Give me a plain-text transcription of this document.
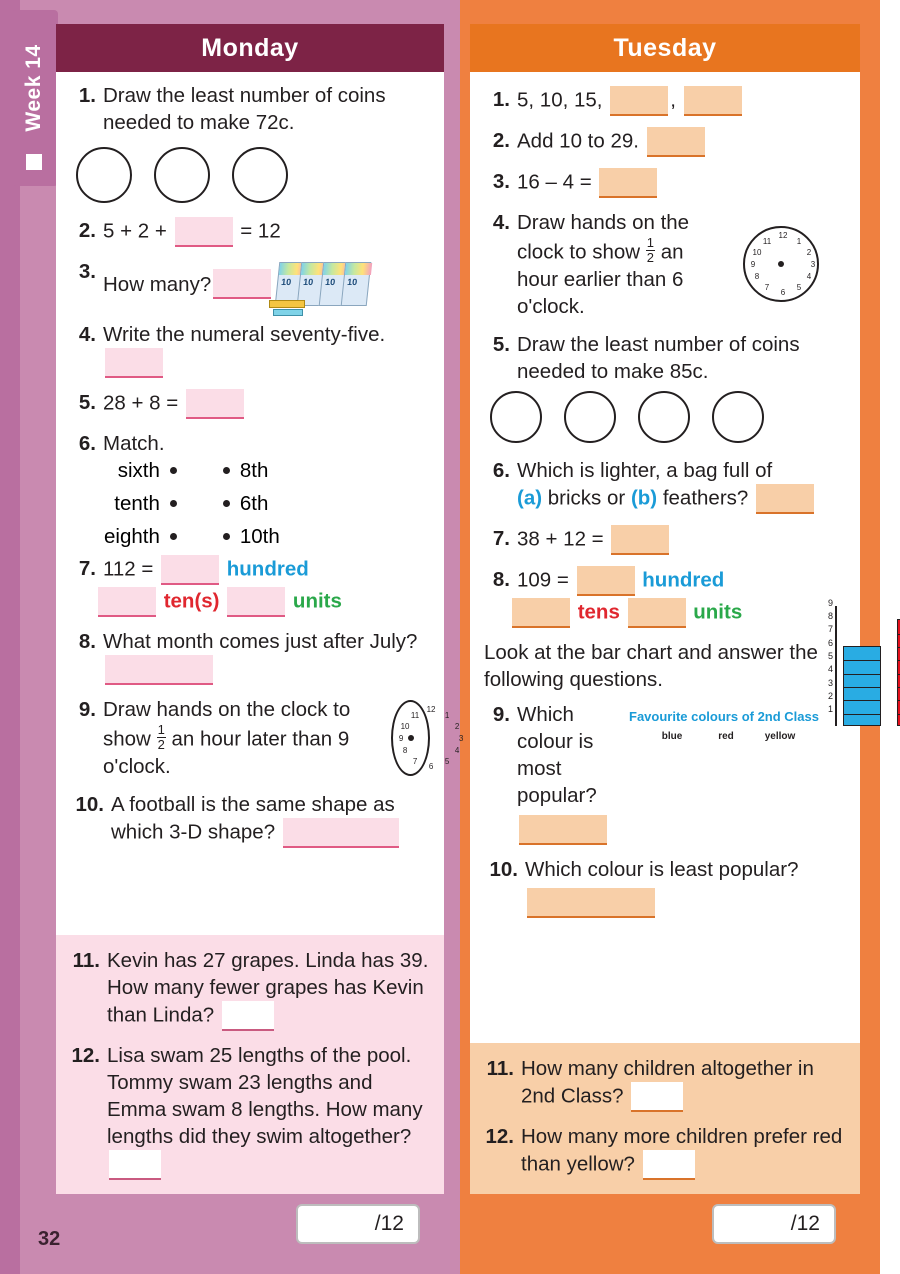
Week 14
32
Monday
1. Draw the least number of coins needed to make 72c.
2. 5 + 2 +	= 12
3.
How many?	10 10 10 10
4. Write the numeral seventy-five.

5. 28 + 8 =
6. Match.
sixth
tenth
eighth
8th
6th
10th
7. 112 =	hundred
ten(s)	units
8. What month comes just after July?
9. Draw hands on the clock to show $\frac{1}{2}$ an hour later than 9 o'clock.
12
1
2
3
4
5
6
7
8
9
10
11
10. A football is the same shape as which 3-D shape?
11. Kevin has 27 grapes. Linda has 39. How many fewer grapes has Kevin than Linda?
12. Lisa swam 25 lengths of the pool. Tommy swam 23 lengths and Emma swam 8 lengths. How many lengths did they swim altogether?
/12
Tuesday
1. 5, 10, 15,	,
2. Add 10 to 29.
3. 16 – 4 =
4. Draw hands on the clock to show $\frac{1}{2}$ an hour earlier than 6 o'clock.
12
1
2
3
4
5
6
7
8
9
10
11
5. Draw the least number of coins needed to make 85c.
6. Which is lighter, a bag full of
(a) bricks or (b) feathers?
7. 38 + 12 =
8. 109 =	hundred
tens	units
Look at the bar chart and answer the following questions.
9. Which colour is most popular?
Favourite colours of 2nd Class
9
8
7
6
5
4
3
2
1
blue	red	yellow
10. Which colour is least popular?

11. How many children altogether in 2nd Class?
12. How many more children prefer red than yellow?
/12
